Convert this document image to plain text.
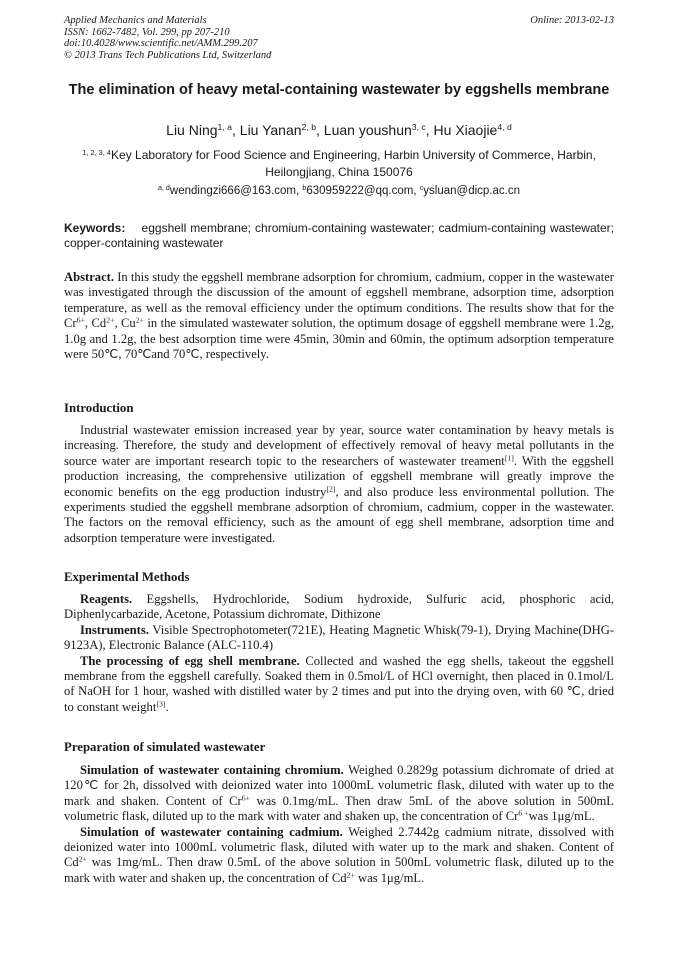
Applied Mechanics and Materials
ISSN: 1662-7482, Vol. 299, pp 207-210
doi:10.4028/www.scientific.net/AMM.299.207
© 2013 Trans Tech Publications Ltd, Switzerland
Online: 2013-02-13
The elimination of heavy metal-containing wastewater by eggshells membrane
Liu Ning$^{1, a}$, Liu Yanan$^{2, b}$, Luan youshun$^{3, c}$, Hu Xiaojie$^{4, d}$
$^{1, 2, 3, 4}$Key Laboratory for Food Science and Engineering, Harbin University of Commerce, Harbin,
Heilongjiang, China 150076
$^{a, d}$wendingzi666@163.com, $^b$630959222@qq.com, $^c$ysluan@dicp.ac.cn
Keywords: eggshell membrane; chromium-containing wastewater; cadmium-containing wastewater; copper-containing wastewater

Abstract. In this study the eggshell membrane adsorption for chromium, cadmium, copper in the wastewater was investigated through the discussion of the amount of eggshell membrane, adsorption time, adsorption temperature, as well as the removal efficiency under the optimum conditions. The results show that for the $Cr^{6+}$, $Cd^{2+}$, $Cu^{2+}$ in the simulated wastewater solution, the optimum dosage of eggshell membrane were 1.2g, 1.0g and 1.2g, the best adsorption time were 45min, 30min and 60min, the optimum adsorption temperature were 50℃, 70℃and 70℃, respectively.

Introduction

Industrial wastewater emission increased year by year, source water contamination by heavy metals is increasing. Therefore, the study and development of effectively removal of heavy metal pollutants in the source water are important research topic to the researchers of wastewater treament[1]. With the eggshell production increasing, the comprehensive utilization of eggshell membrane will greatly improve the economic benefits on the egg production industry[2], and also produce less environmental pollution. The experiments studied the eggshell membrane adsorption of chromium, cadmium, copper in the wastewater. The factors on the removal efficiency, such as the amount of egg shell membrane, adsorption time and adsorption temperature were investigated.

Experimental Methods

Reagents. Eggshells, Hydrochloride, Sodium hydroxide, Sulfuric acid, phosphoric acid, Diphenlycarbazide, Acetone, Potassium dichromate, Dithizone

Instruments. Visible Spectrophotometer(721E), Heating Magnetic Whisk(79-1), Drying Machine(DHG-9123A), Electronic Balance (ALC-110.4)

The processing of egg shell membrane. Collected and washed the egg shells, takeout the eggshell membrane from the eggshell carefully. Soaked them in 0.5mol/L of HCl overnight, then placed in 0.1mol/L of NaOH for 1 hour, washed with distilled water by 2 times and put into the drying oven, with 60 ℃, dried to constant weight[3].

Preparation of simulated wastewater

Simulation of wastewater containing chromium. Weighed 0.2829g potassium dichromate of dried at 120℃ for 2h, dissolved with deionized water into 1000mL volumetric flask, diluted with water up to the mark and shaken. Content of $Cr^{6+}$ was 0.1mg/mL. Then draw 5mL of the above solution in 500mL volumetric flask, diluted up to the mark with water and shaken up, the concentration of $Cr^{6 +}was$ 1μg/mL.

Simulation of wastewater containing cadmium. Weighed 2.7442g cadmium nitrate, dissolved with deionized water into 1000mL volumetric flask, diluted with water up to the mark and shaken. Content of $Cd^{2+}$ was 1mg/mL. Then draw 0.5mL of the above solution in 500mL volumetric flask, diluted up to the mark with water and shaken up, the concentration of $Cd^{2+}$ was 1μg/mL.
